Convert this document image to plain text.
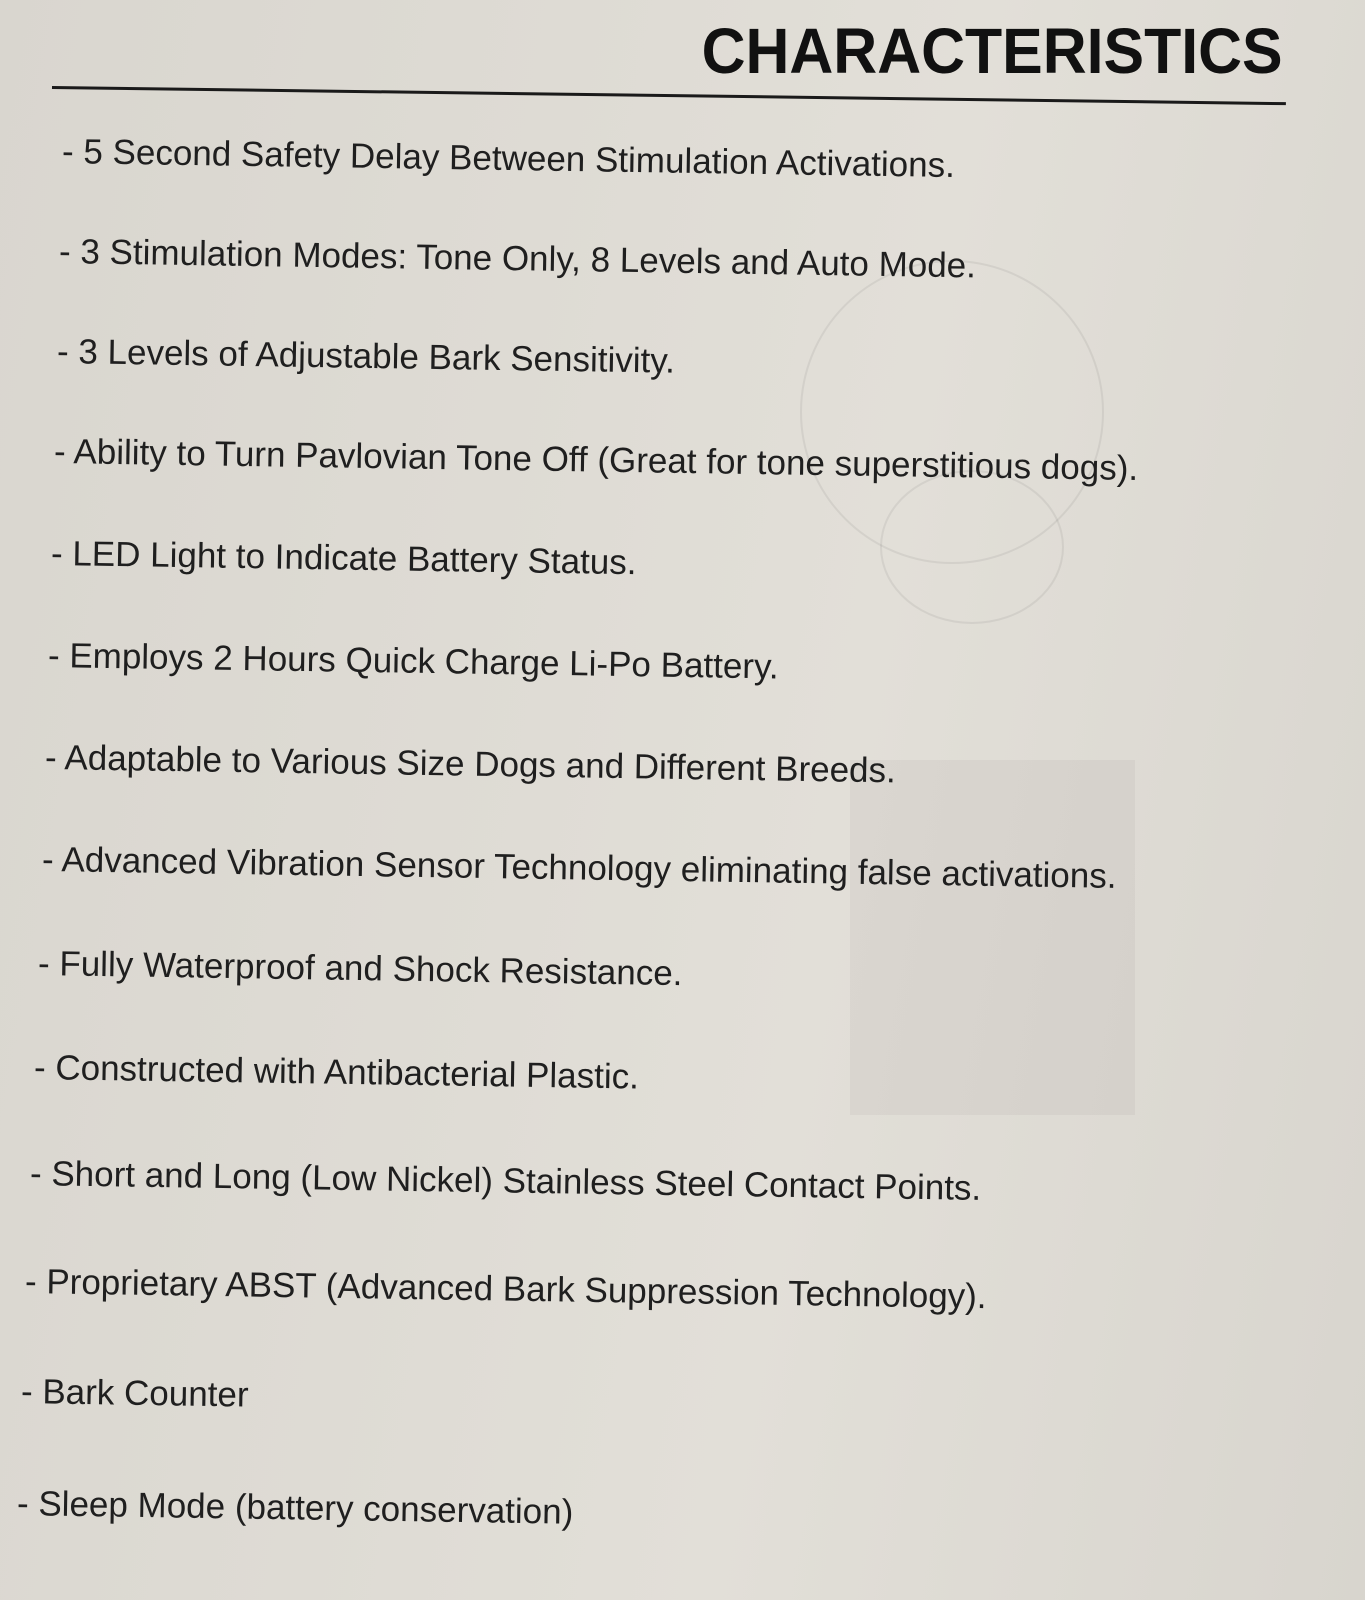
CHARACTERISTICS
- 5 Second Safety Delay Between Stimulation Activations.
- 3 Stimulation Modes: Tone Only, 8 Levels and Auto Mode.
- 3 Levels of Adjustable Bark Sensitivity.
- Ability to Turn Pavlovian Tone Off (Great for tone superstitious dogs).
- LED Light to Indicate Battery Status.
- Employs 2 Hours Quick Charge Li-Po Battery.
- Adaptable to Various Size Dogs and Different Breeds.
- Advanced Vibration Sensor Technology eliminating false activations.
- Fully Waterproof and Shock Resistance.
- Constructed with Antibacterial Plastic.
- Short and Long (Low Nickel) Stainless Steel Contact Points.
- Proprietary ABST (Advanced Bark Suppression Technology).
- Bark Counter
- Sleep Mode (battery conservation)
